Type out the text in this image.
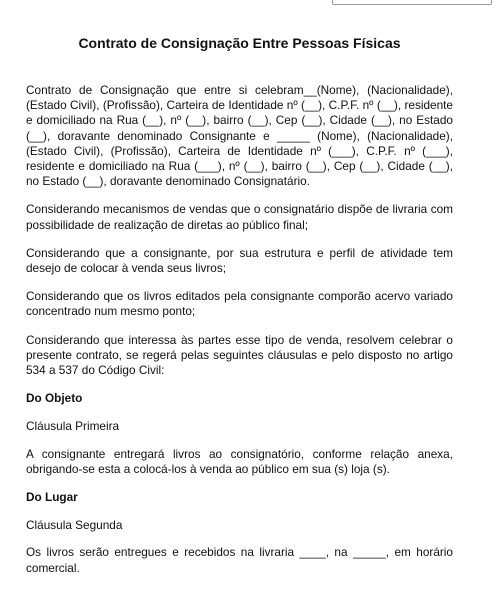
Contrato de Consignação Entre Pessoas Físicas

Contrato de Consignação que entre si celebram__(Nome), (Nacionalidade), (Estado Civil), (Profissão), Carteira de Identidade nº (__), C.P.F. nº (__), residente e domiciliado na Rua (__), nº (__), bairro (__), Cep (__), Cidade (__), no Estado (__), doravante denominado Consignante e _____ (Nome), (Nacionalidade), (Estado Civil), (Profissão), Carteira de Identidade nº (___), C.P.F. nº (___), residente e domiciliado na Rua (___), nº (__), bairro (__), Cep (__), Cidade (__), no Estado (__), doravante denominado Consignatário.

Considerando mecanismos de vendas que o consignatário dispõe de livraria com possibilidade de realização de diretas ao público final;

Considerando que a consignante, por sua estrutura e perfil de atividade tem desejo de colocar à venda seus livros;

Considerando que os livros editados pela consignante comporão acervo variado concentrado num mesmo ponto;

Considerando que interessa às partes esse tipo de venda, resolvem celebrar o presente contrato, se regerá pelas seguintes cláusulas e pelo disposto no artigo 534 a 537 do Código Civil:

Do Objeto

Cláusula Primeira

A consignante entregará livros ao consignatório, conforme relação anexa, obrigando-se esta a colocá-los à venda ao público em sua (s) loja (s).

Do Lugar

Cláusula Segunda

Os livros serão entregues e recebidos na livraria ____, na _____, em horário comercial.
